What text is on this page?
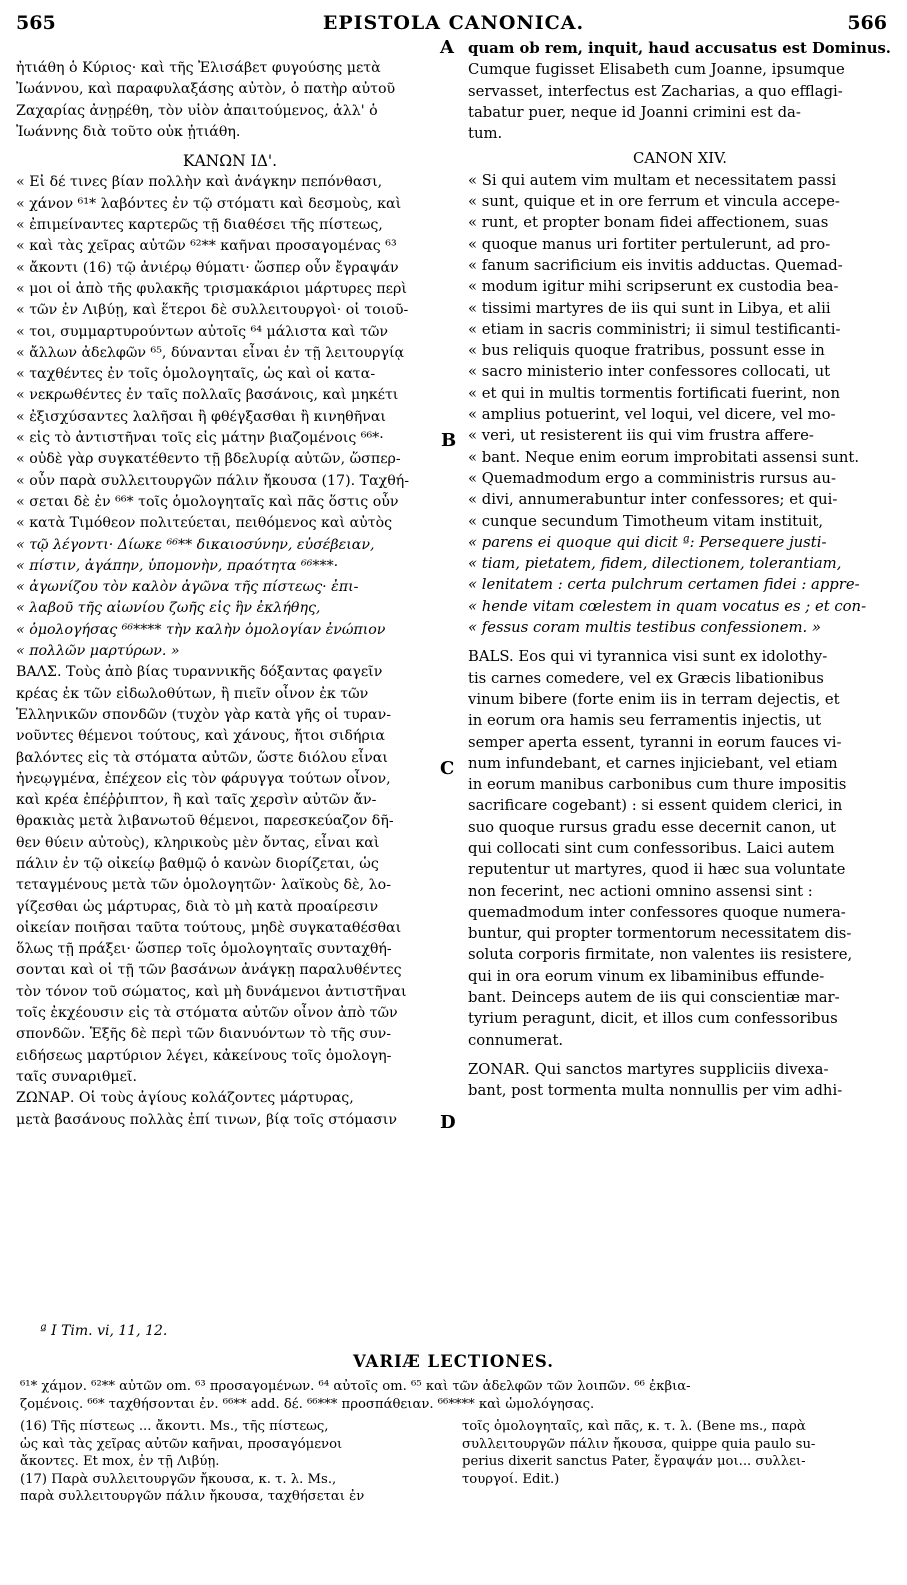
565	EPISTOLA CANONICA.	566
A
B
C
D
ἠτιάθη ὁ Κύριος· καὶ τῆς Ἐλισάβετ φυγούσης μετὰ
Ἰωάννου, καὶ παραφυλαξάσης αὐτὸν, ὁ πατὴρ αὐτοῦ
Ζαχαρίας ἀνῃρέθη, τὸν υἱὸν ἀπαιτούμενος, ἀλλ' ὁ
Ἰωάννης διὰ τοῦτο οὐκ ᾐτιάθη.
ΚΑΝΩΝ ΙΔ'.
« Εἰ δέ τινες βίαν πολλὴν καὶ ἀνάγκην πεπόνθασι,
« χάνον ⁶¹* λαβόντες ἐν τῷ στόματι καὶ δεσμοὺς, καὶ
« ἐπιμείναντες καρτερῶς τῇ διαθέσει τῆς πίστεως,
« καὶ τὰς χεῖρας αὐτῶν ⁶²** καῆναι προσαγομένας ⁶³
« ἄκοντι (16) τῷ ἀνιέρῳ θύματι· ὥσπερ οὖν ἔγραψάν
« μοι οἱ ἀπὸ τῆς φυλακῆς τρισμακάριοι μάρτυρες περὶ
« τῶν ἐν Λιβύῃ, καὶ ἕτεροι δὲ συλλειτουργοὶ· οἱ τοιοῦ-
« τοι, συμμαρτυρούντων αὐτοῖς ⁶⁴ μάλιστα καὶ τῶν
« ἄλλων ἀδελφῶν ⁶⁵, δύνανται εἶναι ἐν τῇ λειτουργίᾳ
« ταχθέντες ἐν τοῖς ὁμολογηταῖς, ὡς καὶ οἱ κατα-
« νεκρωθέντες ἐν ταῖς πολλαῖς βασάνοις, καὶ μηκέτι
« ἐξισχύσαντες λαλῆσαι ἢ φθέγξασθαι ἢ κινηθῆναι
« εἰς τὸ ἀντιστῆναι τοῖς εἰς μάτην βιαζομένοις ⁶⁶*·
« οὐδὲ γὰρ συγκατέθεντο τῇ βδελυρίᾳ αὐτῶν, ὥσπερ-
« οὖν παρὰ συλλειτουργῶν πάλιν ἤκουσα (17). Ταχθή-
« σεται δὲ ἐν ⁶⁶* τοῖς ὁμολογηταῖς καὶ πᾶς ὅστις οὖν
« κατὰ Τιμόθεον πολιτεύεται, πειθόμενος καὶ αὐτὸς
« τῷ λέγοντι· Δίωκε ⁶⁶** δικαιοσύνην, εὐσέβειαν,
« πίστιν, ἀγάπην, ὑπομονὴν, πραότητα ⁶⁶***·
« ἀγωνίζου τὸν καλὸν ἀγῶνα τῆς πίστεως· ἐπι-
« λαβοῦ τῆς αἰωνίου ζωῆς εἰς ἣν ἐκλήθης,
« ὁμολογήσας ⁶⁶**** τὴν καλὴν ὁμολογίαν ἐνώπιον
« πολλῶν μαρτύρων. »
ΒΑΛΣ. Τοὺς ἀπὸ βίας τυραννικῆς δόξαντας φαγεῖν
κρέας ἐκ τῶν εἰδωλοθύτων, ἢ πιεῖν οἶνον ἐκ τῶν
Ἑλληνικῶν σπονδῶν (τυχὸν γὰρ κατὰ γῆς οἱ τυραν-
νοῦντες θέμενοι τούτους, καὶ χάνους, ἤτοι σιδήρια
βαλόντες εἰς τὰ στόματα αὐτῶν, ὥστε διόλου εἶναι
ἠνεῳγμένα, ἐπέχεον εἰς τὸν φάρυγγα τούτων οἶνον,
καὶ κρέα ἐπέῤῥιπτον, ἢ καὶ ταῖς χερσὶν αὐτῶν ἄν-
θρακιὰς μετὰ λιβανωτοῦ θέμενοι, παρεσκεύαζον δῆ-
θεν θύειν αὐτοὺς), κληρικοὺς μὲν ὄντας, εἶναι καὶ
πάλιν ἐν τῷ οἰκείῳ βαθμῷ ὁ κανὼν διορίζεται, ὡς
τεταγμένους μετὰ τῶν ὁμολογητῶν· λαϊκοὺς δὲ, λο-
γίζεσθαι ὡς μάρτυρας, διὰ τὸ μὴ κατὰ προαίρεσιν
οἰκείαν ποιῆσαι ταῦτα τούτους, μηδὲ συγκαταθέσθαι
ὅλως τῇ πράξει· ὥσπερ τοῖς ὁμολογηταῖς συνταχθή-
σονται καὶ οἱ τῇ τῶν βασάνων ἀνάγκῃ παραλυθέντες
τὸν τόνον τοῦ σώματος, καὶ μὴ δυνάμενοι ἀντιστῆναι
τοῖς ἐκχέουσιν εἰς τὰ στόματα αὐτῶν οἶνον ἀπὸ τῶν
σπονδῶν. Ἑξῆς δὲ περὶ τῶν διανυόντων τὸ τῆς συν-
ειδήσεως μαρτύριον λέγει, κἀκείνους τοῖς ὁμολογη-
ταῖς συναριθμεῖ.
ΖΩΝΑΡ. Οἱ τοὺς ἁγίους κολάζοντες μάρτυρας,
μετὰ βασάνους πολλὰς ἐπί τινων, βίᾳ τοῖς στόμασιν
quam ob rem, inquit, haud accusatus est Dominus.
Cumque fugisset Elisabeth cum Joanne, ipsumque
servasset, interfectus est Zacharias, a quo efflagi-
tabatur puer, neque id Joanni crimini est da-
tum.
CANON XIV.
« Si qui autem vim multam et necessitatem passi
« sunt, quique et in ore ferrum et vincula accepe-
« runt, et propter bonam fidei affectionem, suas
« quoque manus uri fortiter pertulerunt, ad pro-
« fanum sacrificium eis invitis adductas. Quemad-
« modum igitur mihi scripserunt ex custodia bea-
« tissimi martyres de iis qui sunt in Libya, et alii
« etiam in sacris comministri; ii simul testificanti-
« bus reliquis quoque fratribus, possunt esse in
« sacro ministerio inter confessores collocati, ut
« et qui in multis tormentis fortificati fuerint, non
« amplius potuerint, vel loqui, vel dicere, vel mo-
« veri, ut resisterent iis qui vim frustra affere-
« bant. Neque enim eorum improbitati assensi sunt.
« Quemadmodum ergo a comministris rursus au-
« divi, annumerabuntur inter confessores; et qui-
« cunque secundum Timotheum vitam instituit,
« parens ei quoque qui dicit ª: Persequere justi-
« tiam, pietatem, fidem, dilectionem, tolerantiam,
« lenitatem : certa pulchrum certamen fidei : appre-
« hende vitam cœlestem in quam vocatus es ; et con-
« fessus coram multis testibus confessionem. »
BALS. Eos qui vi tyrannica visi sunt ex idolothy-
tis carnes comedere, vel ex Græcis libationibus
vinum bibere (forte enim iis in terram dejectis, et
in eorum ora hamis seu ferramentis injectis, ut
semper aperta essent, tyranni in eorum fauces vi-
num infundebant, et carnes injiciebant, vel etiam
in eorum manibus carbonibus cum thure impositis
sacrificare cogebant) : si essent quidem clerici, in
suo quoque rursus gradu esse decernit canon, ut
qui collocati sint cum confessoribus. Laici autem
reputentur ut martyres, quod ii hæc sua voluntate
non fecerint, nec actioni omnino assensi sint :
quemadmodum inter confessores quoque numera-
buntur, qui propter tormentorum necessitatem dis-
soluta corporis firmitate, non valentes iis resistere,
qui in ora eorum vinum ex libaminibus effunde-
bant. Deinceps autem de iis qui conscientiæ mar-
tyrium peragunt, dicit, et illos cum confessoribus
connumerat.
ZONAR. Qui sanctos martyres suppliciis divexa-
bant, post tormenta multa nonnullis per vim adhi-
ª I Tim. vi, 11, 12.
VARIÆ LECTIONES.
⁶¹* χάμον. ⁶²** αὐτῶν om. ⁶³ προσαγομένων. ⁶⁴ αὐτοῖς om. ⁶⁵ καὶ τῶν ἀδελφῶν τῶν λοιπῶν. ⁶⁶ ἐκβια-
ζομένοις. ⁶⁶* ταχθήσονται ἐν. ⁶⁶** add. δέ. ⁶⁶*** προσπάθειαν. ⁶⁶**** καὶ ὡμολόγησας.
(16) Τῆς πίστεως ... ἄκοντι. Ms., τῆς πίστεως,
ὡς καὶ τὰς χεῖρας αὐτῶν καῆναι, προσαγόμενοι
ἄκοντες. Et mox, ἐν τῇ Λιβύῃ.
(17) Παρὰ συλλειτουργῶν ἤκουσα, κ. τ. λ. Ms.,
παρὰ συλλειτουργῶν πάλιν ἤκουσα, ταχθήσεται ἐν
τοῖς ὁμολογηταῖς, καὶ πᾶς, κ. τ. λ. (Bene ms., παρὰ
συλλειτουργῶν πάλιν ἤκουσα, quippe quia paulo su-
perius dixerit sanctus Pater, ἔγραψάν μοι... συλλει-
τουργοί. Edit.)
